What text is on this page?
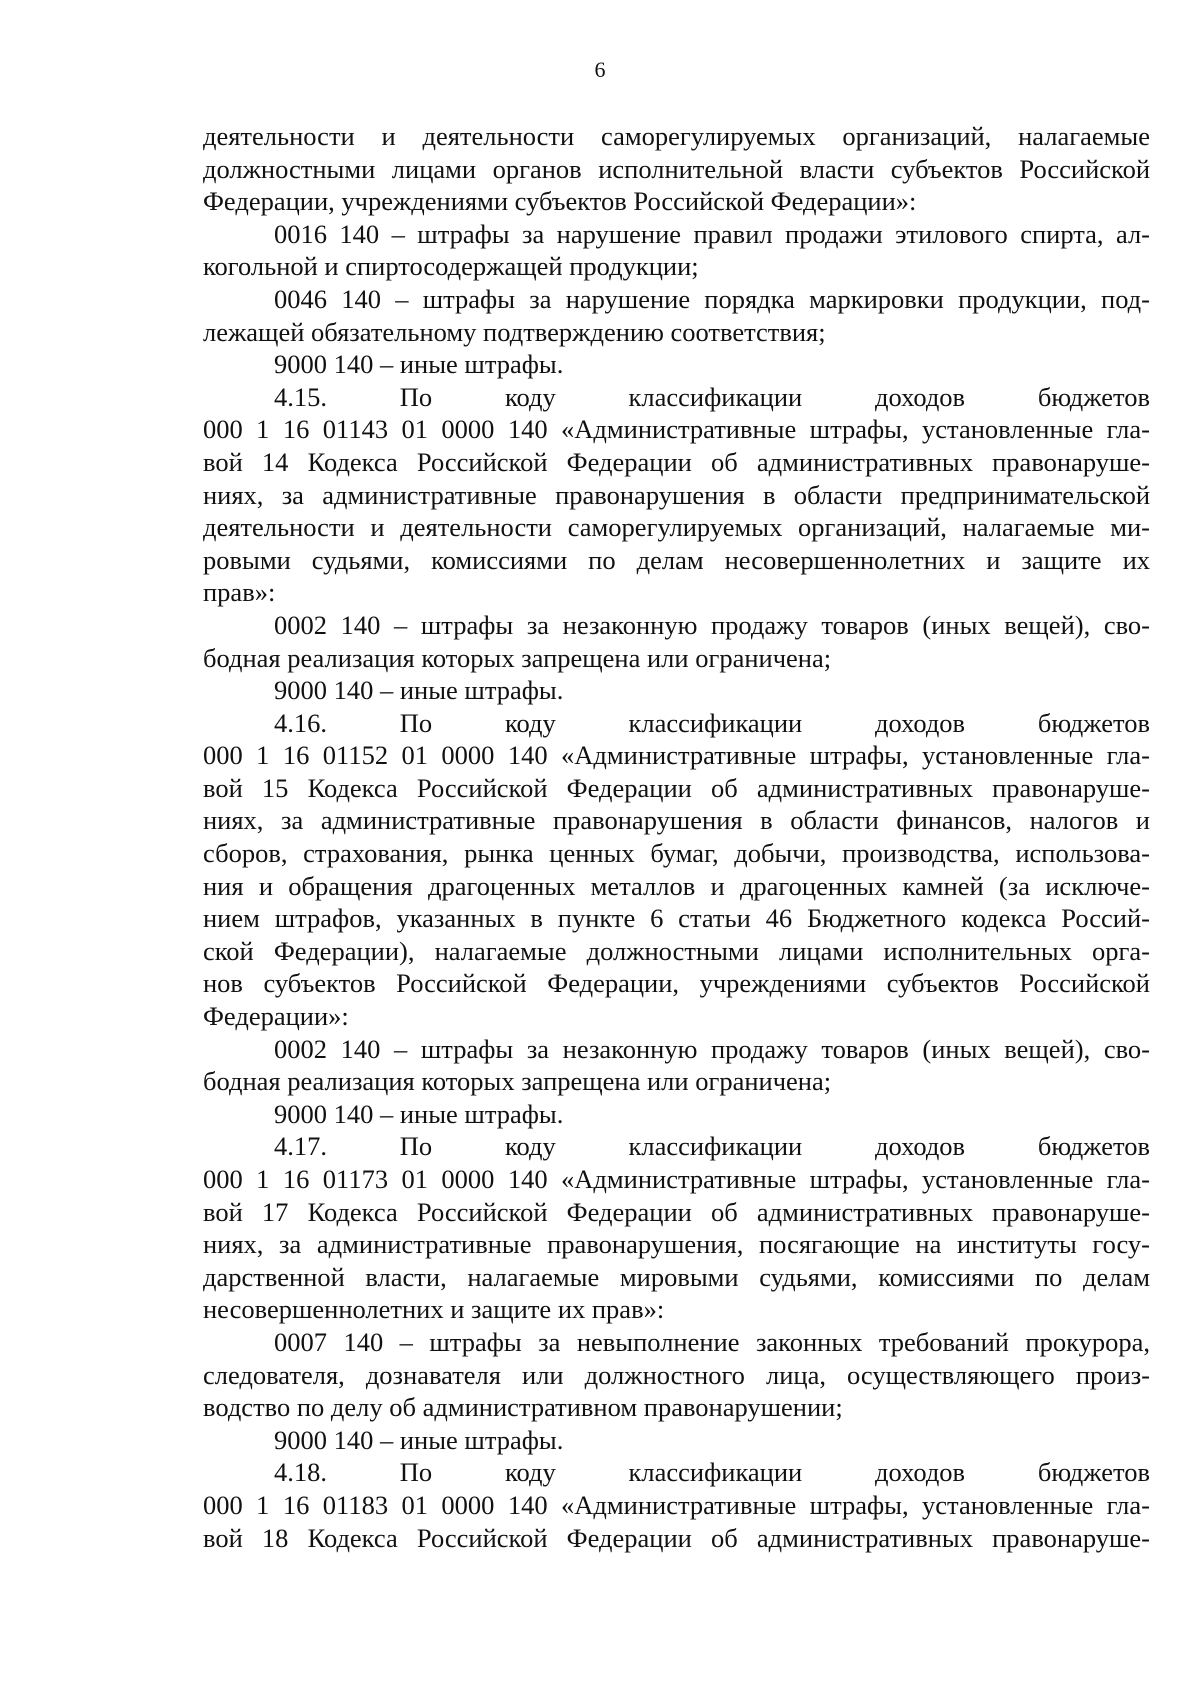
6
деятельности и деятельности саморегулируемых организаций, налагаемые
должностными лицами органов исполнительной власти субъектов Российской
Федерации, учреждениями субъектов Российской Федерации»:
0016 140 – штрафы за нарушение правил продажи этилового спирта, ал-
когольной и спиртосодержащей продукции;
0046 140 – штрафы за нарушение порядка маркировки продукции, под-
лежащей обязательному подтверждению соответствия;
9000 140 – иные штрафы.
4.15. По коду классификации доходов бюджетов
000 1 16 01143 01 0000 140 «Административные штрафы, установленные гла-
вой 14 Кодекса Российской Федерации об административных правонаруше-
ниях, за административные правонарушения в области предпринимательской
деятельности и деятельности саморегулируемых организаций, налагаемые ми-
ровыми судьями, комиссиями по делам несовершеннолетних и защите их
прав»:
0002 140 – штрафы за незаконную продажу товаров (иных вещей), сво-
бодная реализация которых запрещена или ограничена;
9000 140 – иные штрафы.
4.16. По коду классификации доходов бюджетов
000 1 16 01152 01 0000 140 «Административные штрафы, установленные гла-
вой 15 Кодекса Российской Федерации об административных правонаруше-
ниях, за административные правонарушения в области финансов, налогов и
сборов, страхования, рынка ценных бумаг, добычи, производства, использова-
ния и обращения драгоценных металлов и драгоценных камней (за исключе-
нием штрафов, указанных в пункте 6 статьи 46 Бюджетного кодекса Россий-
ской Федерации), налагаемые должностными лицами исполнительных орга-
нов субъектов Российской Федерации, учреждениями субъектов Российской
Федерации»:
0002 140 – штрафы за незаконную продажу товаров (иных вещей), сво-
бодная реализация которых запрещена или ограничена;
9000 140 – иные штрафы.
4.17. По коду классификации доходов бюджетов
000 1 16 01173 01 0000 140 «Административные штрафы, установленные гла-
вой 17 Кодекса Российской Федерации об административных правонаруше-
ниях, за административные правонарушения, посягающие на институты госу-
дарственной власти, налагаемые мировыми судьями, комиссиями по делам
несовершеннолетних и защите их прав»:
0007 140 – штрафы за невыполнение законных требований прокурора,
следователя, дознавателя или должностного лица, осуществляющего произ-
водство по делу об административном правонарушении;
9000 140 – иные штрафы.
4.18. По коду классификации доходов бюджетов
000 1 16 01183 01 0000 140 «Административные штрафы, установленные гла-
вой 18 Кодекса Российской Федерации об административных правонаруше-
